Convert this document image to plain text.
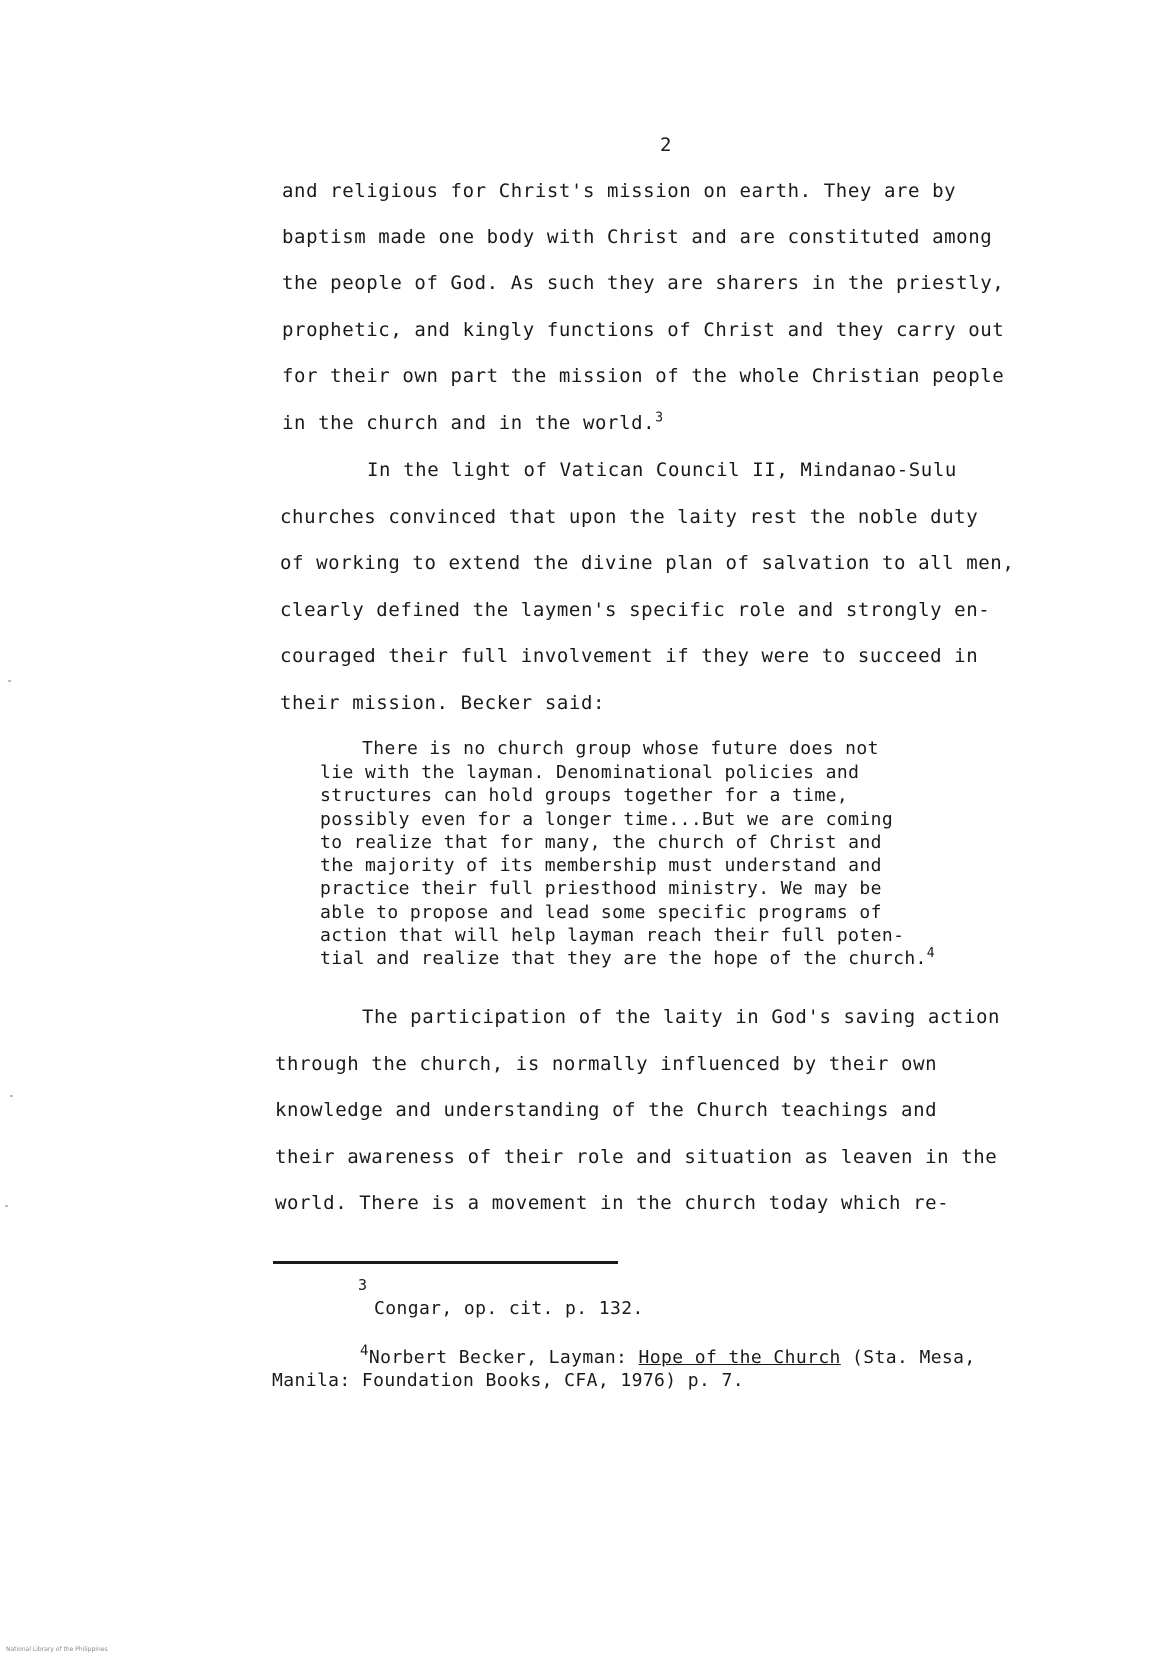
2
and religious for Christ's mission on earth. They are by
baptism made one body with Christ and are constituted among
the people of God. As such they are sharers in the priestly,
prophetic, and kingly functions of Christ and they carry out
for their own part the mission of the whole Christian people
in the church and in the world.$^3$
In the light of Vatican Council II, Mindanao-Sulu
churches convinced that upon the laity rest the noble duty
of working to extend the divine plan of salvation to all men,
clearly defined the laymen's specific role and strongly en-
couraged their full involvement if they were to succeed in
their mission. Becker said:
There is no church group whose future does not
lie with the layman. Denominational policies and
structures can hold groups together for a time,
possibly even for a longer time...But we are coming
to realize that for many, the church of Christ and
the majority of its membership must understand and
practice their full priesthood ministry. We may be
able to propose and lead some specific programs of
action that will help layman reach their full poten-
tial and realize that they are the hope of the church.$^4$
The participation of the laity in God's saving action
through the church, is normally influenced by their own
knowledge and understanding of the Church teachings and
their awareness of their role and situation as leaven in the
world. There is a movement in the church today which re-
3
Congar, op. cit. p. 132.
$^4$Norbert Becker, Layman: Hope of the Church (Sta. Mesa,
Manila: Foundation Books, CFA, 1976) p. 7.
National Library of the Philippines
